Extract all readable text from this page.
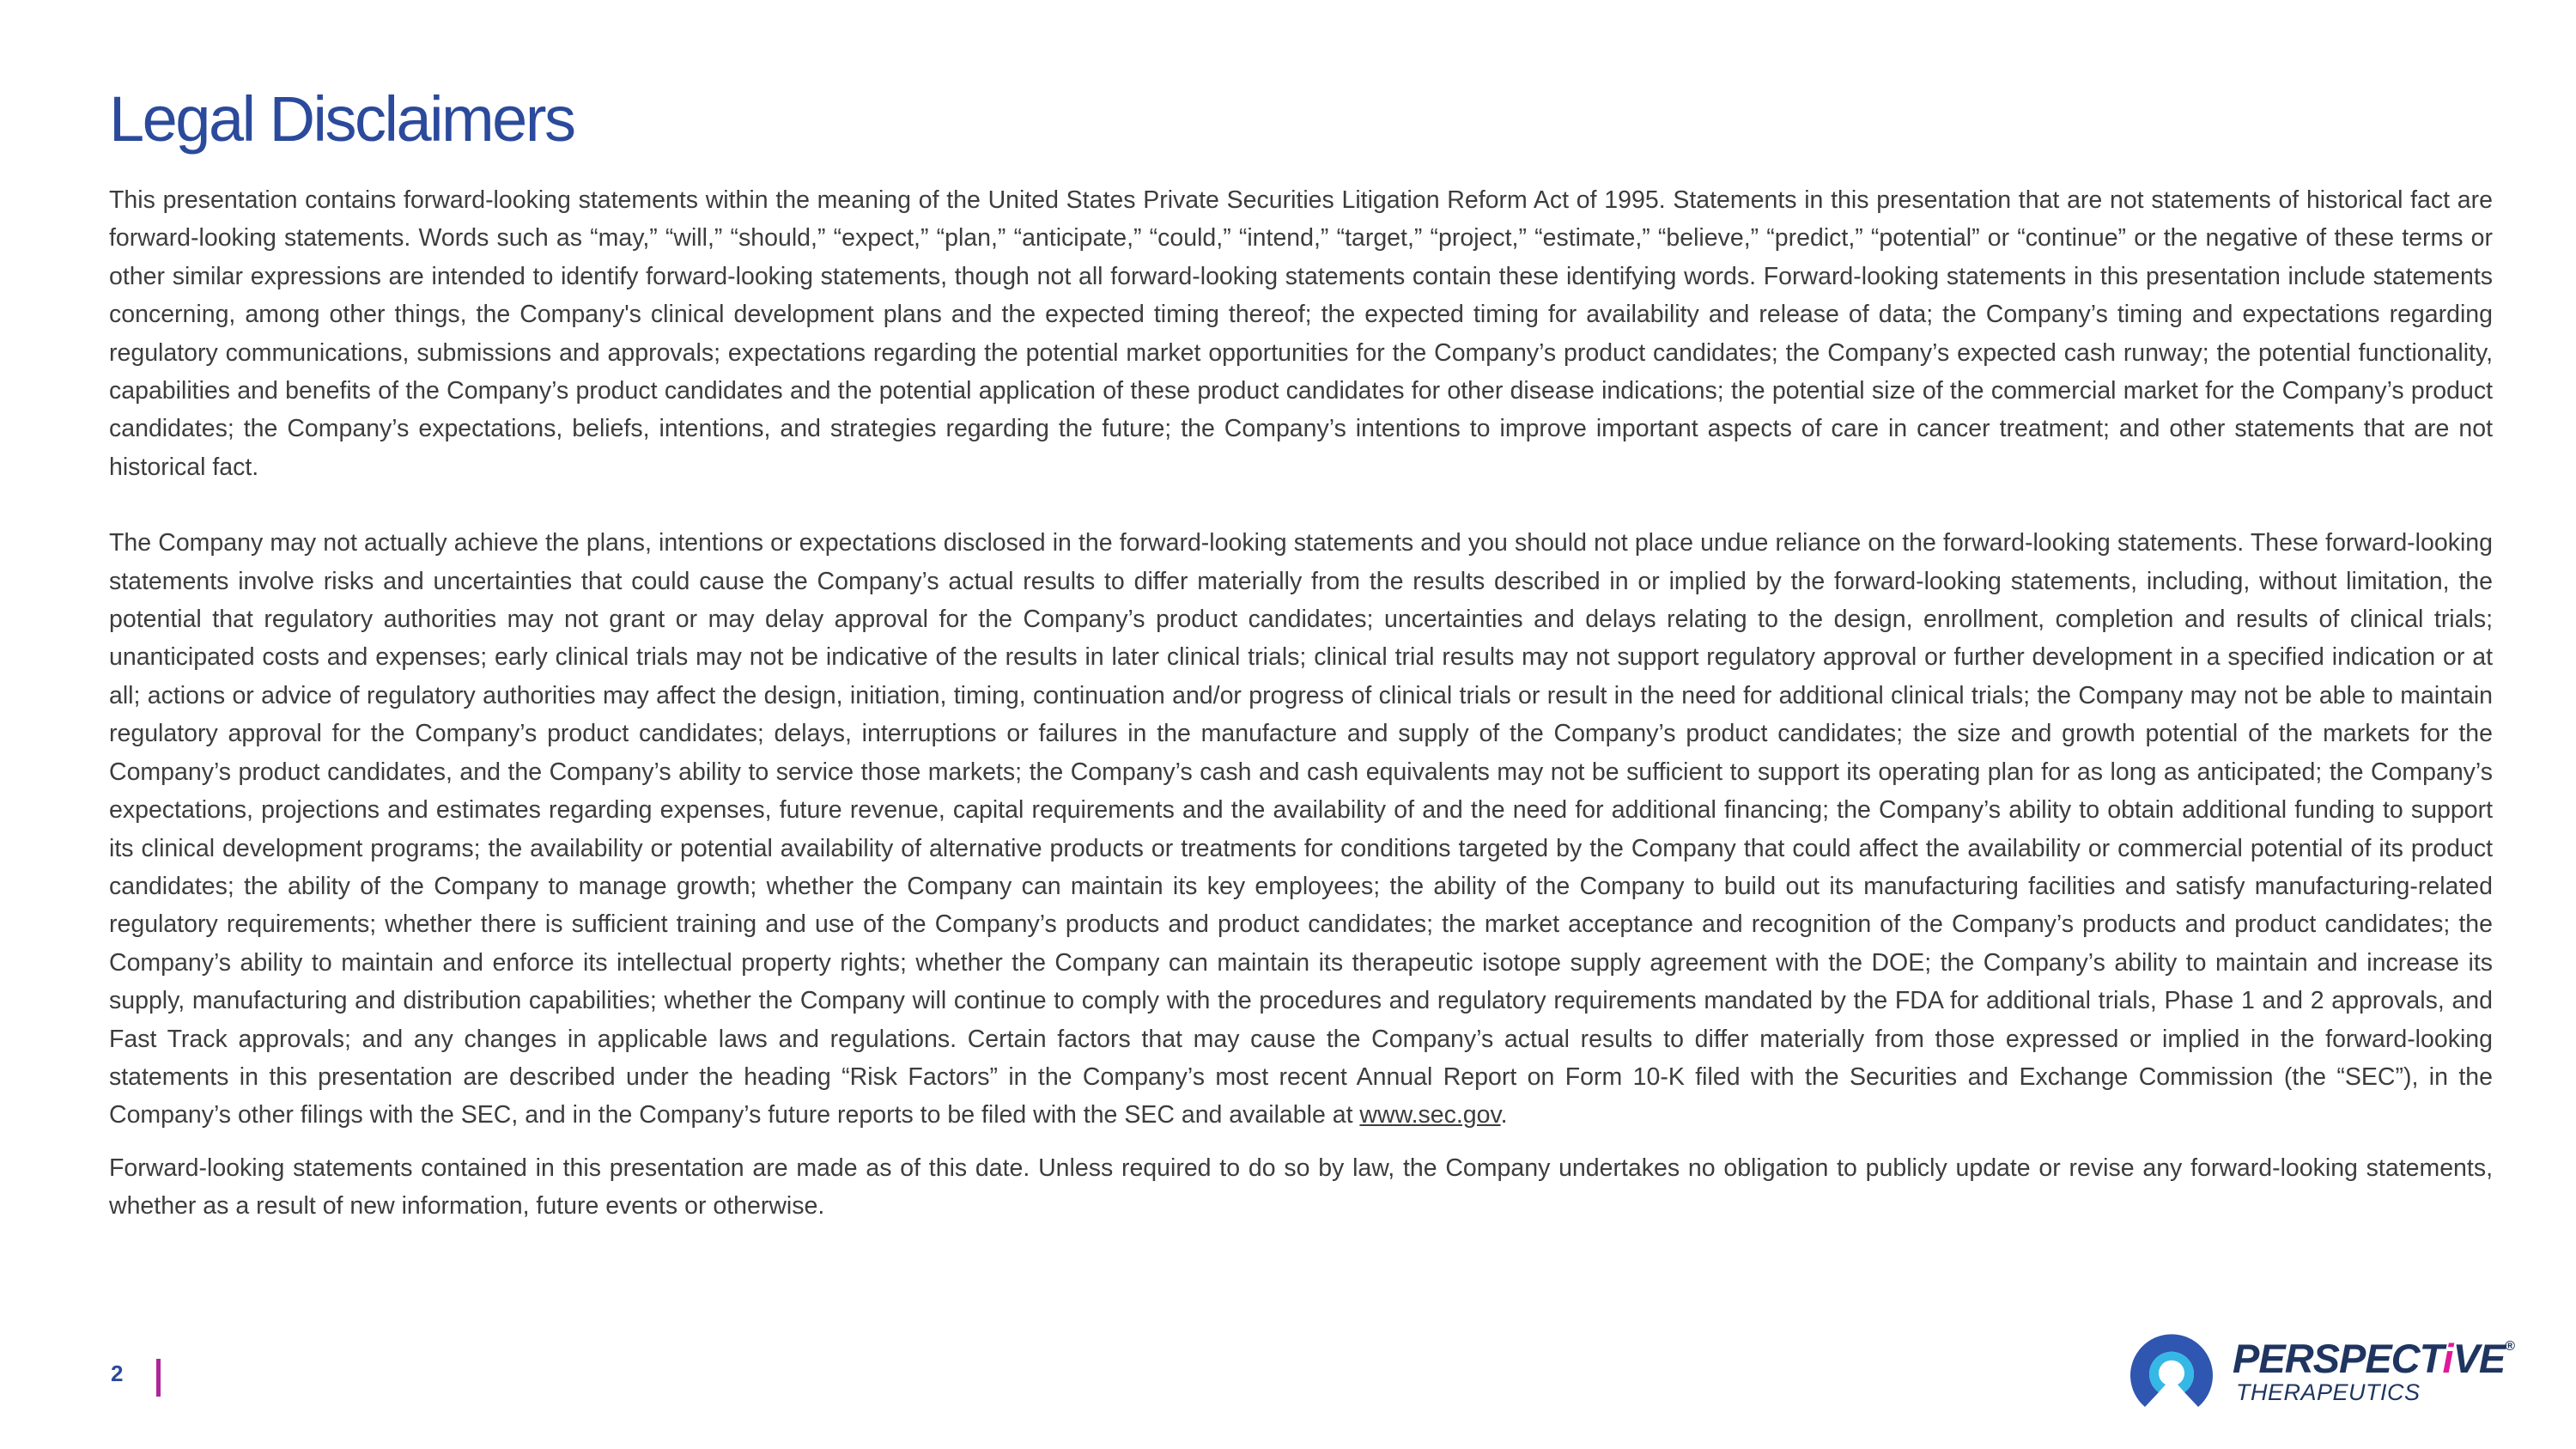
Legal Disclaimers

This presentation contains forward-looking statements within the meaning of the United States Private Securities Litigation Reform Act of 1995. Statements in this presentation that are not statements of historical fact are forward-looking statements. Words such as “may,” “will,” “should,” “expect,” “plan,” “anticipate,” “could,” “intend,” “target,” “project,” “estimate,” “believe,” “predict,” “potential” or “continue” or the negative of these terms or other similar expressions are intended to identify forward-looking statements, though not all forward-looking statements contain these identifying words. Forward-looking statements in this presentation include statements concerning, among other things, the Company's clinical development plans and the expected timing thereof; the expected timing for availability and release of data; the Company’s timing and expectations regarding regulatory communications, submissions and approvals; expectations regarding the potential market opportunities for the Company’s product candidates; the Company’s expected cash runway; the potential functionality, capabilities and benefits of the Company’s product candidates and the potential application of these product candidates for other disease indications; the potential size of the commercial market for the Company’s product candidates; the Company’s expectations, beliefs, intentions, and strategies regarding the future; the Company’s intentions to improve important aspects of care in cancer treatment; and other statements that are not historical fact.

The Company may not actually achieve the plans, intentions or expectations disclosed in the forward-looking statements and you should not place undue reliance on the forward-looking statements. These forward-looking statements involve risks and uncertainties that could cause the Company’s actual results to differ materially from the results described in or implied by the forward-looking statements, including, without limitation, the potential that regulatory authorities may not grant or may delay approval for the Company’s product candidates; uncertainties and delays relating to the design, enrollment, completion and results of clinical trials; unanticipated costs and expenses; early clinical trials may not be indicative of the results in later clinical trials; clinical trial results may not support regulatory approval or further development in a specified indication or at all; actions or advice of regulatory authorities may affect the design, initiation, timing, continuation and/or progress of clinical trials or result in the need for additional clinical trials; the Company may not be able to maintain regulatory approval for the Company’s product candidates; delays, interruptions or failures in the manufacture and supply of the Company’s product candidates; the size and growth potential of the markets for the Company’s product candidates, and the Company’s ability to service those markets; the Company’s cash and cash equivalents may not be sufficient to support its operating plan for as long as anticipated; the Company’s expectations, projections and estimates regarding expenses, future revenue, capital requirements and the availability of and the need for additional financing; the Company’s ability to obtain additional funding to support its clinical development programs; the availability or potential availability of alternative products or treatments for conditions targeted by the Company that could affect the availability or commercial potential of its product candidates; the ability of the Company to manage growth; whether the Company can maintain its key employees; the ability of the Company to build out its manufacturing facilities and satisfy manufacturing-related regulatory requirements; whether there is sufficient training and use of the Company’s products and product candidates; the market acceptance and recognition of the Company’s products and product candidates; the Company’s ability to maintain and enforce its intellectual property rights; whether the Company can maintain its therapeutic isotope supply agreement with the DOE; the Company’s ability to maintain and increase its supply, manufacturing and distribution capabilities; whether the Company will continue to comply with the procedures and regulatory requirements mandated by the FDA for additional trials, Phase 1 and 2 approvals, and Fast Track approvals; and any changes in applicable laws and regulations. Certain factors that may cause the Company’s actual results to differ materially from those expressed or implied in the forward-looking statements in this presentation are described under the heading “Risk Factors” in the Company’s most recent Annual Report on Form 10-K filed with the Securities and Exchange Commission (the “SEC”), in the Company’s other filings with the SEC, and in the Company’s future reports to be filed with the SEC and available at www.sec.gov.

Forward-looking statements contained in this presentation are made as of this date. Unless required to do so by law, the Company undertakes no obligation to publicly update or revise any forward-looking statements, whether as a result of new information, future events or otherwise.

2	PERSPECTiVE®
THERAPEUTICS
